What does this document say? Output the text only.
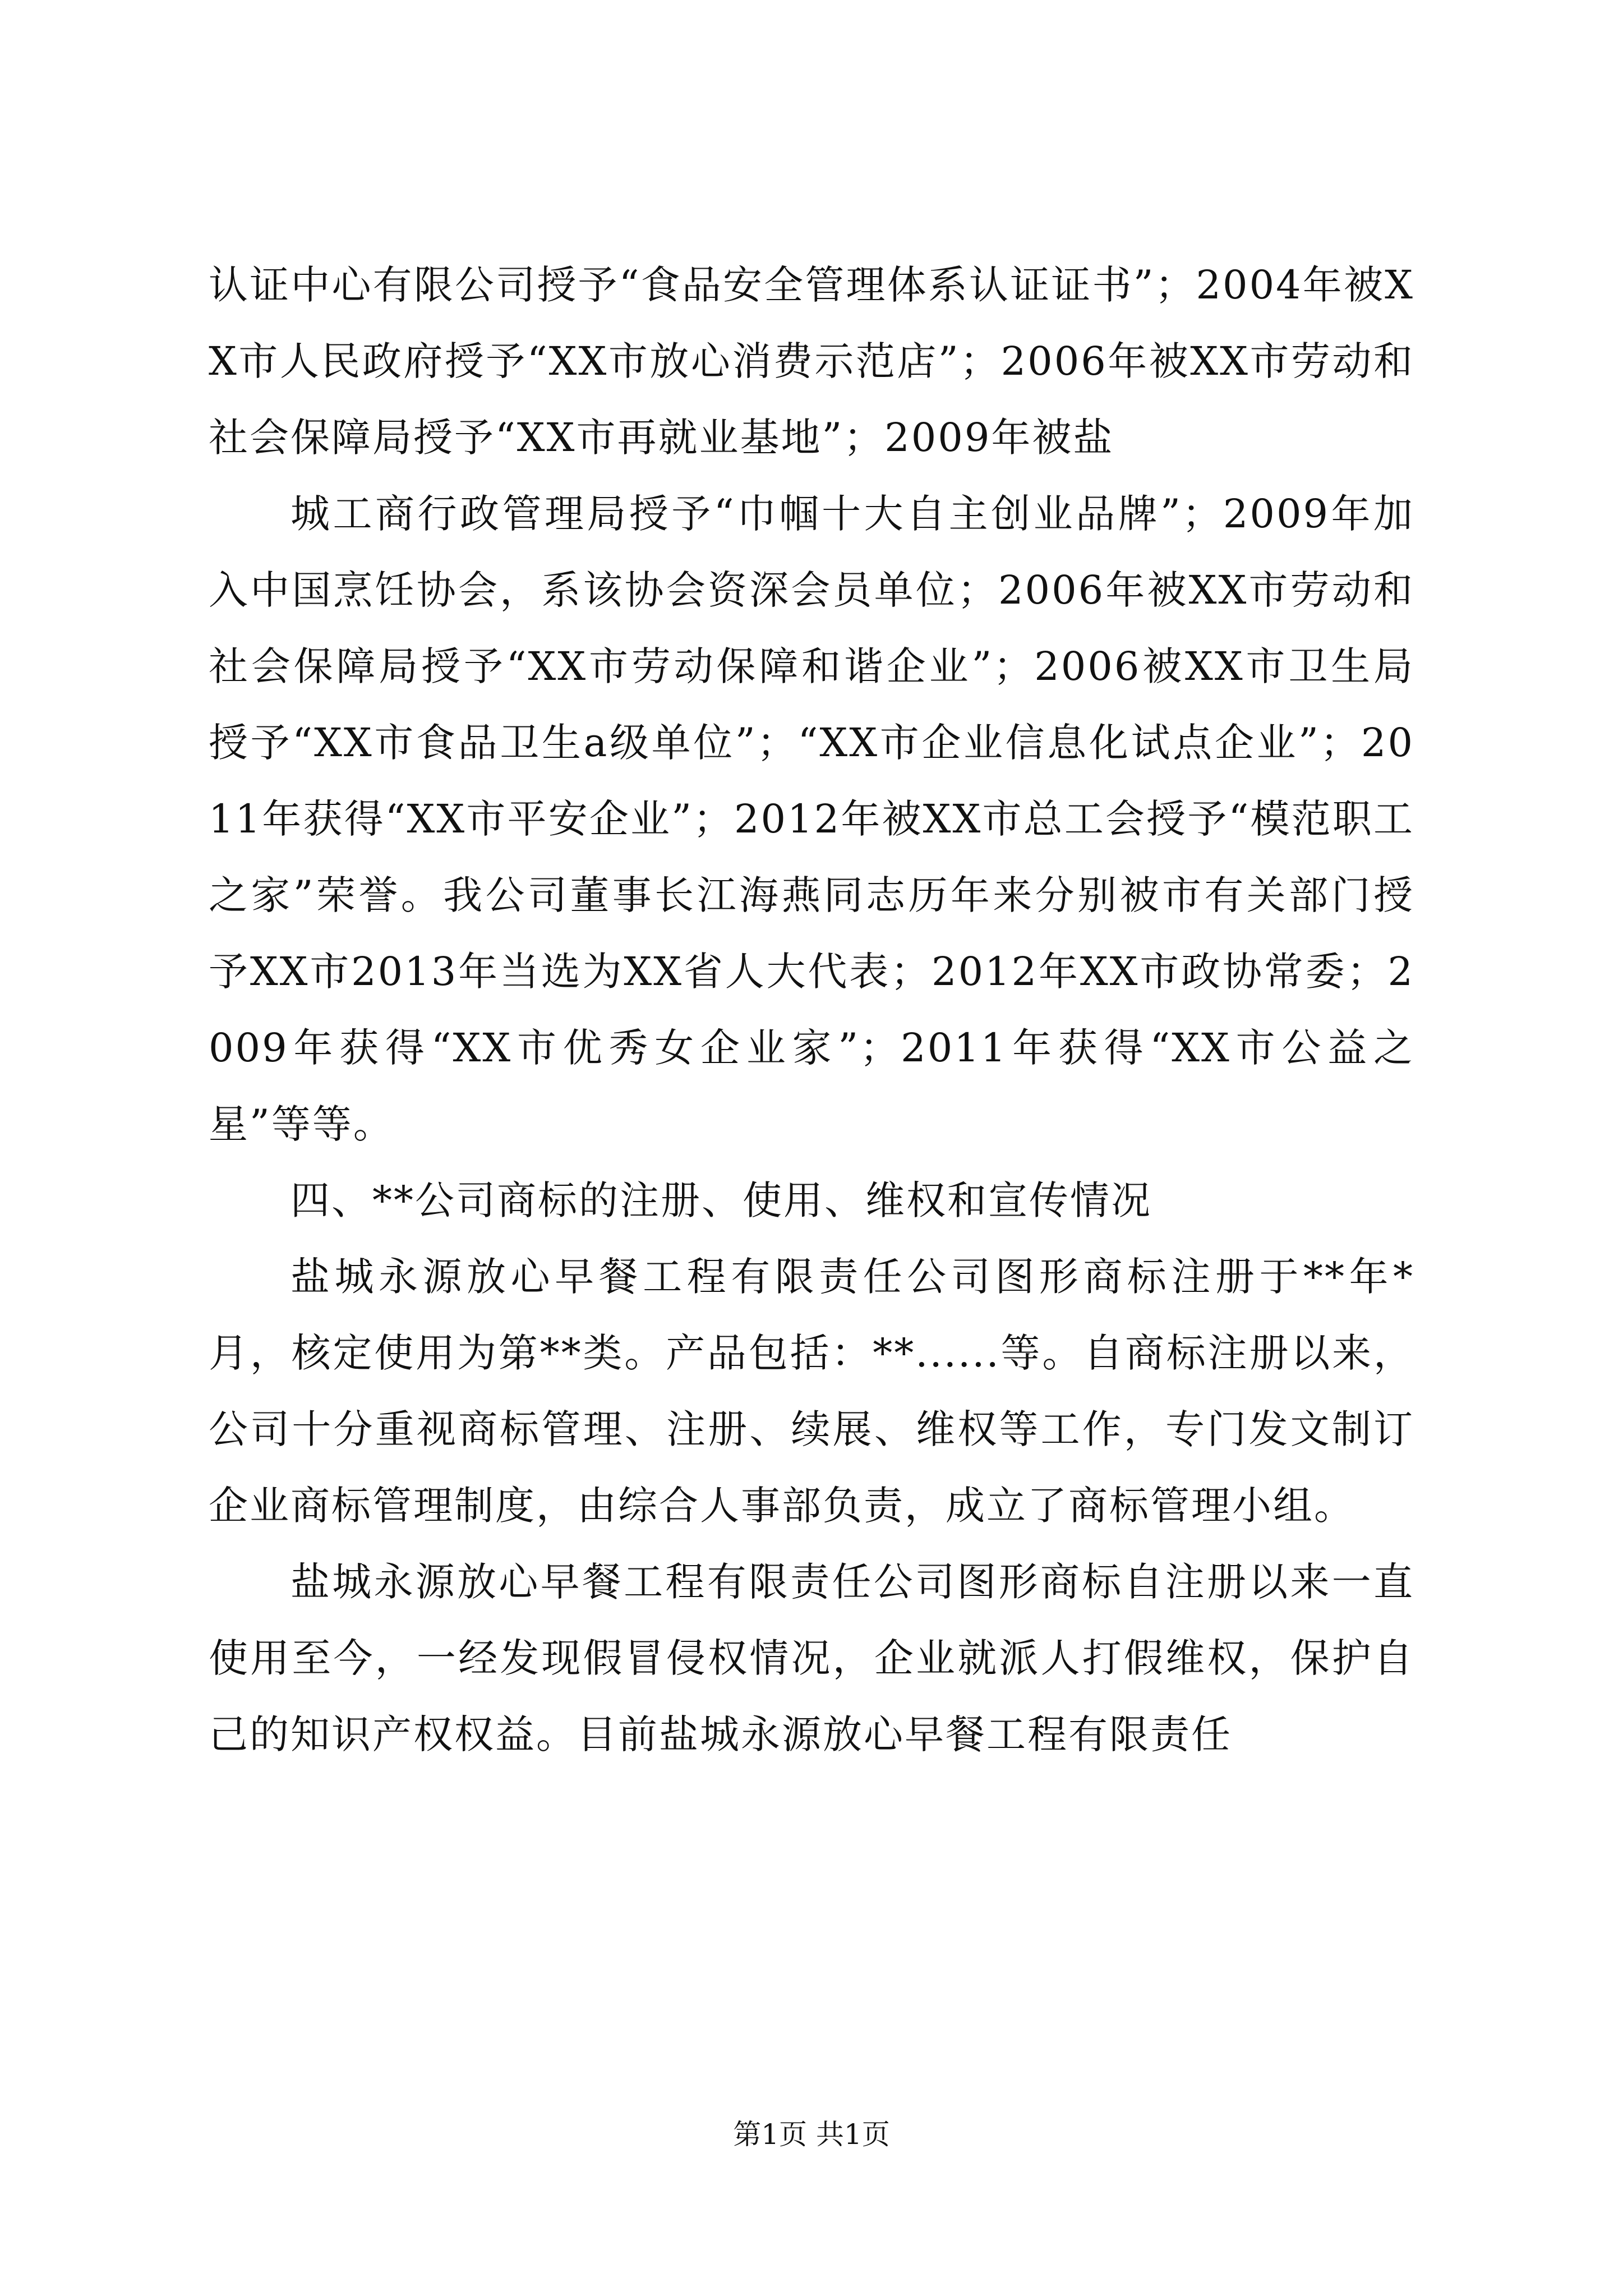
认证中心有限公司授予“食品安全管理体系认证证书”；2004年被XX市人民政府授予“XX市放心消费示范店”；2006年被XX市劳动和社会保障局授予“XX市再就业基地”；2009年被盐

城工商行政管理局授予“巾帼十大自主创业品牌”；2009年加入中国烹饪协会，系该协会资深会员单位；2006年被XX市劳动和社会保障局授予“XX市劳动保障和谐企业”；2006被XX市卫生局授予“XX市食品卫生a级单位”；“XX市企业信息化试点企业”；2011年获得“XX市平安企业”；2012年被XX市总工会授予“模范职工之家”荣誉。我公司董事长江海燕同志历年来分别被市有关部门授予XX市2013年当选为XX省人大代表；2012年XX市政协常委；2009年获得“XX市优秀女企业家”；2011年获得“XX市公益之星”等等。

四、**公司商标的注册、使用、维权和宣传情况

盐城永源放心早餐工程有限责任公司图形商标注册于**年*月，核定使用为第**类。产品包括：**......等。自商标注册以来，公司十分重视商标管理、注册、续展、维权等工作，专门发文制订企业商标管理制度，由综合人事部负责，成立了商标管理小组。

盐城永源放心早餐工程有限责任公司图形商标自注册以来一直使用至今，一经发现假冒侵权情况，企业就派人打假维权，保护自己的知识产权权益。目前盐城永源放心早餐工程有限责任

第1页 共1页
